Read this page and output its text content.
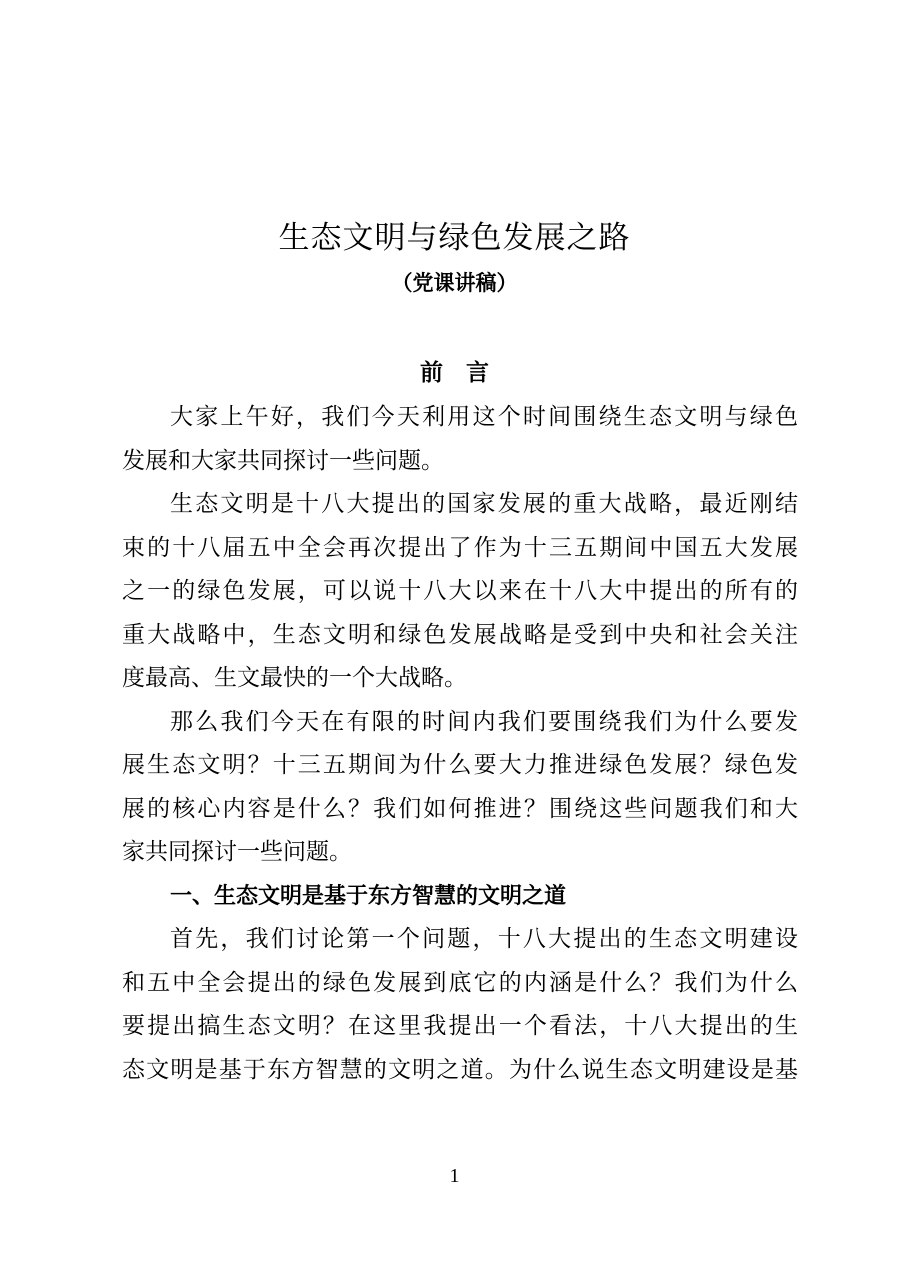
生态文明与绿色发展之路
（党课讲稿）
前　言
大家上午好，我们今天利用这个时间围绕生态文明与绿色
发展和大家共同探讨一些问题。
生态文明是十八大提出的国家发展的重大战略，最近刚结
束的十八届五中全会再次提出了作为十三五期间中国五大发展
之一的绿色发展，可以说十八大以来在十八大中提出的所有的
重大战略中，生态文明和绿色发展战略是受到中央和社会关注
度最高、生文最快的一个大战略。
那么我们今天在有限的时间内我们要围绕我们为什么要发
展生态文明？十三五期间为什么要大力推进绿色发展？绿色发
展的核心内容是什么？我们如何推进？围绕这些问题我们和大
家共同探讨一些问题。
一、生态文明是基于东方智慧的文明之道
首先，我们讨论第一个问题，十八大提出的生态文明建设
和五中全会提出的绿色发展到底它的内涵是什么？我们为什么
要提出搞生态文明？在这里我提出一个看法，十八大提出的生
态文明是基于东方智慧的文明之道。为什么说生态文明建设是基
1
